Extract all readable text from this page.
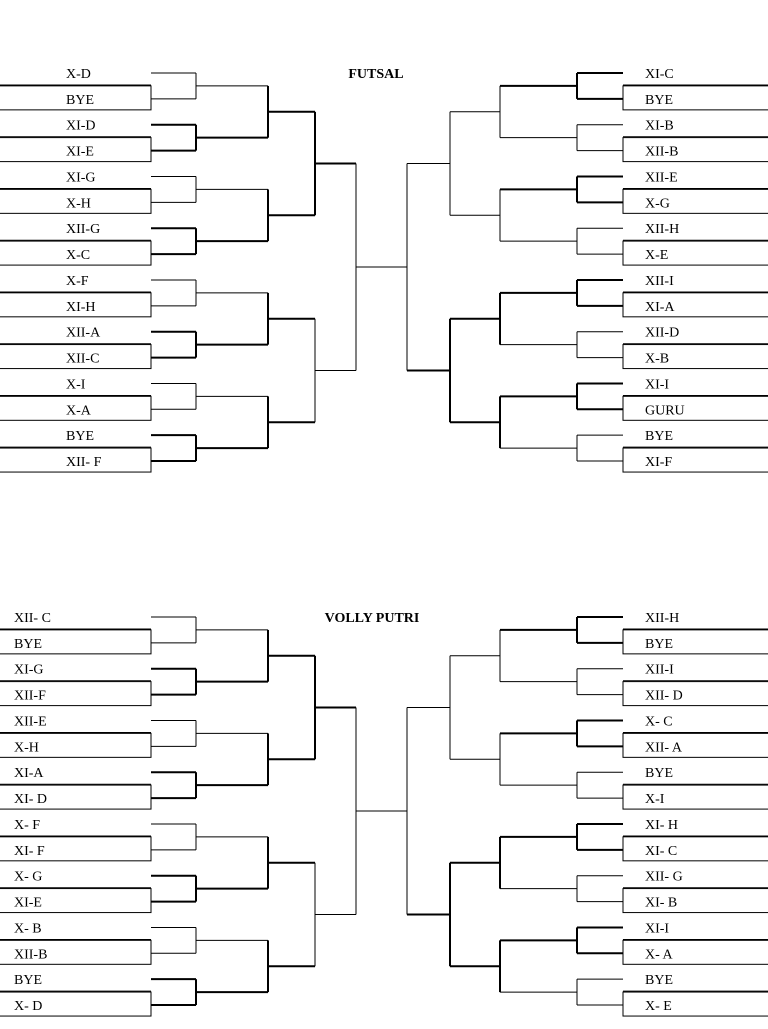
FUTSAL
X-D
BYE
XI-D
XI-E
XI-G
X-H
XII-G
X-C
X-F
XI-H
XII-A
XII-C
X-I
X-A
BYE
XII- F
XI-C
BYE
XI-B
XII-B
XII-E
X-G
XII-H
X-E
XII-I
XI-A
XII-D
X-B
XI-I
GURU
BYE
XI-F
VOLLY PUTRI
XII- C
BYE
XI-G
XII-F
XII-E
X-H
XI-A
XI- D
X- F
XI- F
X- G
XI-E
X- B
XII-B
BYE
X- D
XII-H
BYE
XII-I
XII- D
X- C
XII- A
BYE
X-I
XI- H
XI- C
XII- G
XI- B
XI-I
X- A
BYE
X- E
